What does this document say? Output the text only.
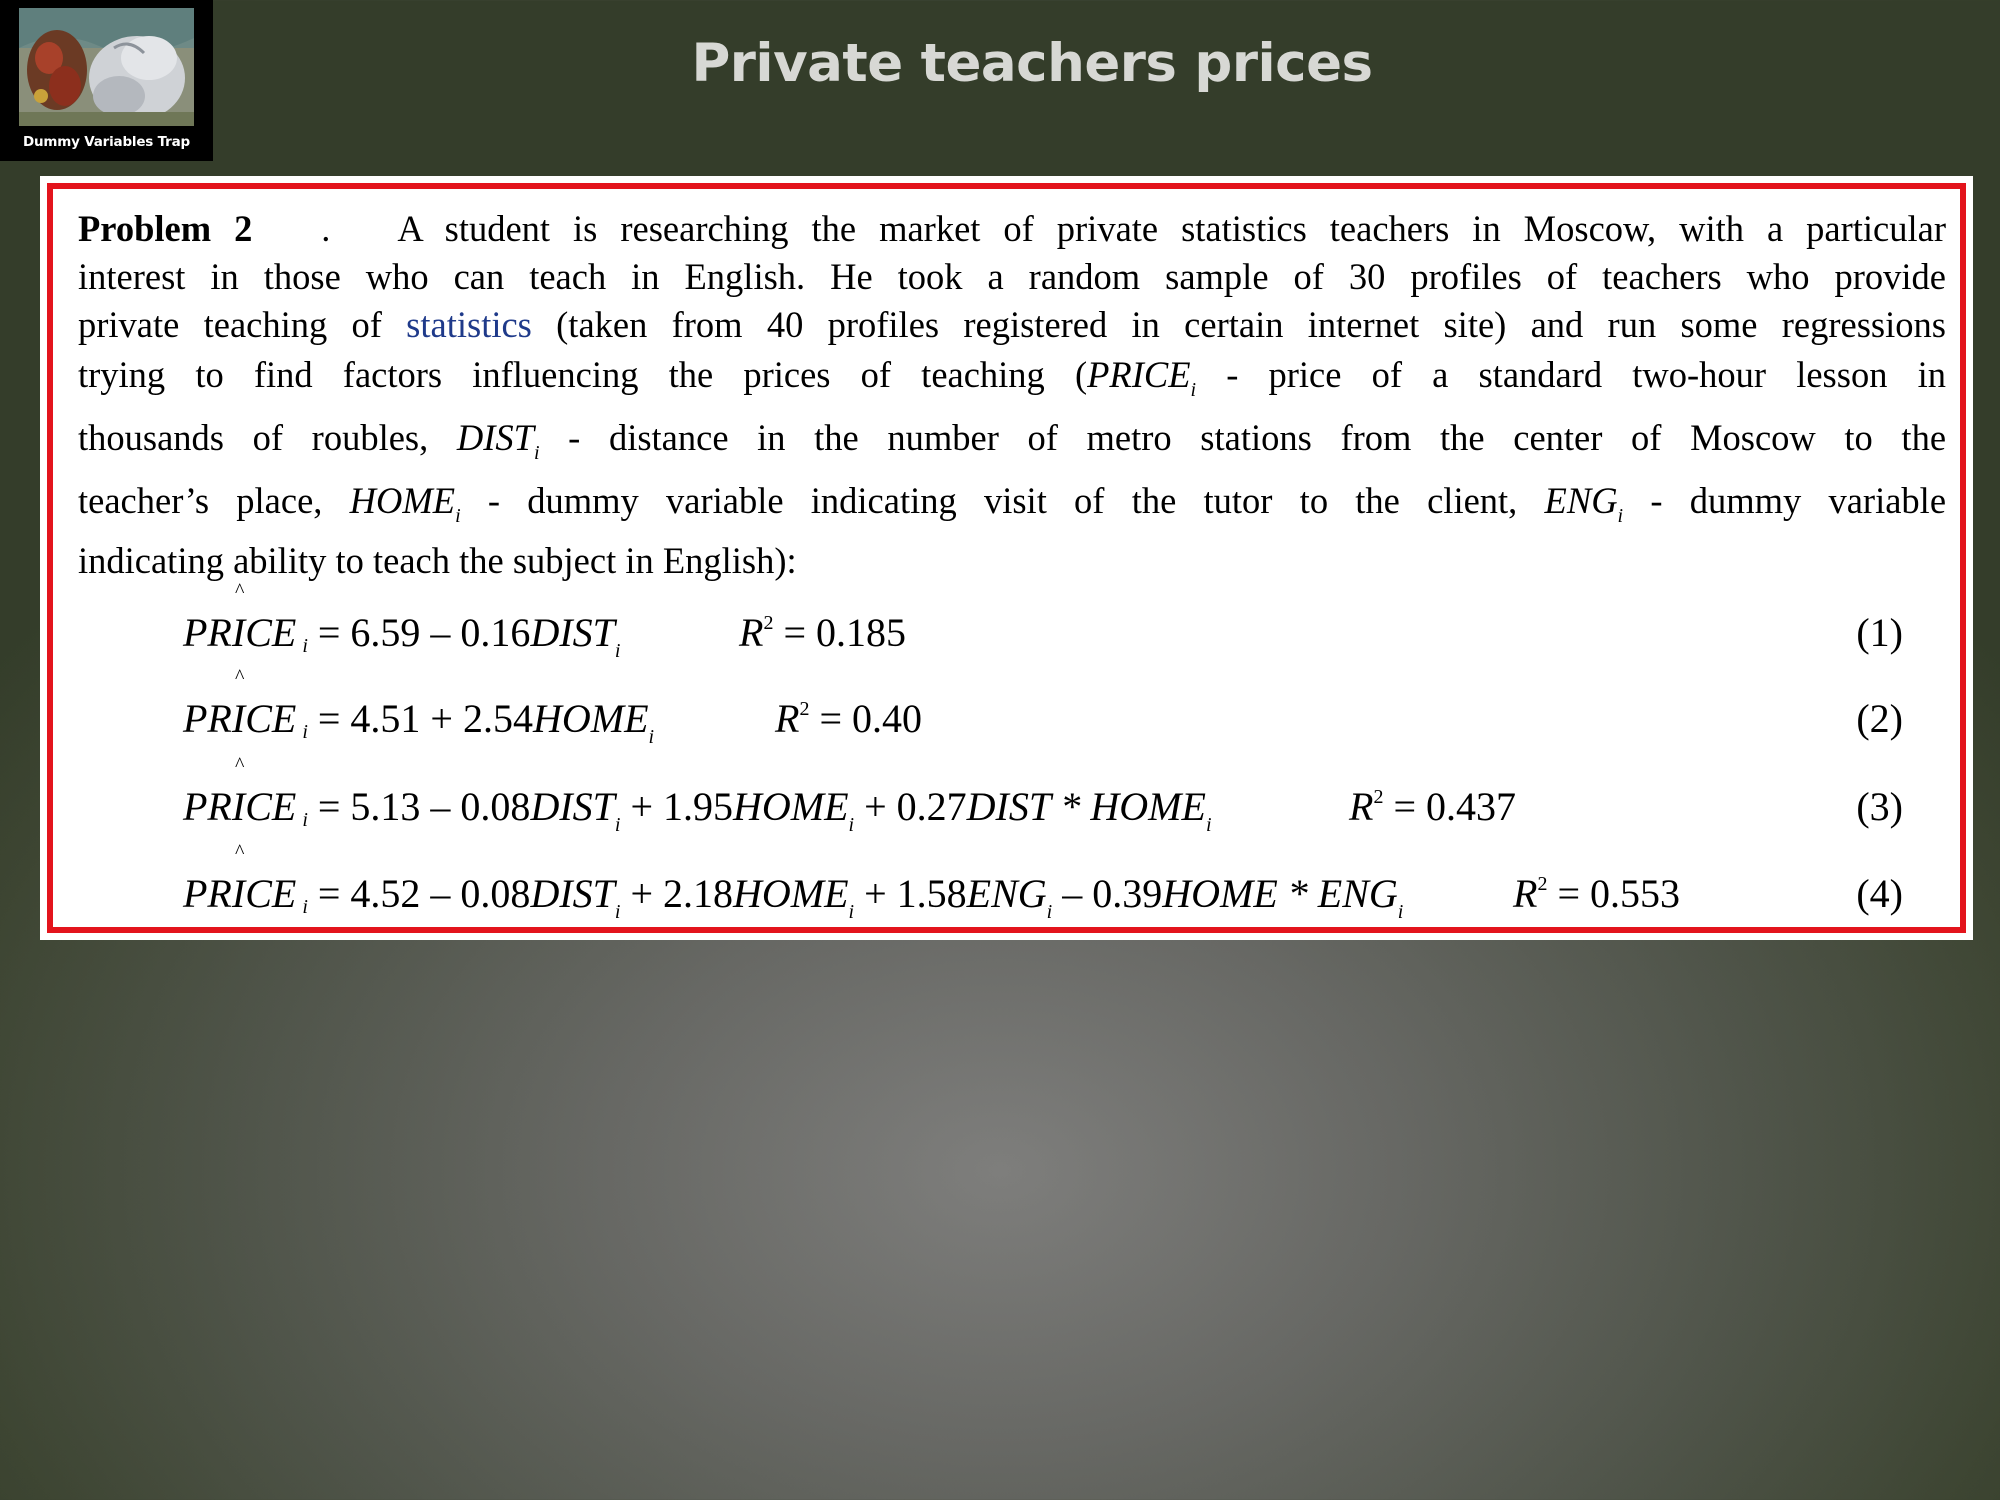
Dummy Variables Trap
Private teachers prices
Problem 2 . A student is researching the market of private statistics teachers in Moscow, with a particular
interest in those who can teach in English. He took a random sample of 30 profiles of teachers who provide
private teaching of statistics (taken from 40 profiles registered in certain internet site) and run some regressions
trying to find factors influencing the prices of teaching ($PRICE_i$ - price of a standard two-hour lesson in
thousands of roubles, $DIST_i$ - distance in the number of metro stations from the center of Moscow to the
teacher’s place, $HOME_i$ - dummy variable indicating visit of the tutor to the client, $ENG_i$ - dummy variable
indicating ability to teach the subject in English):
^
PRICE $i = 6.59 - 0.16DIST_i$	$R^2 = 0.185$	(1)
^
PRICE $i = 4.51 + 2.54HOME_i$	$R^2 = 0.40$	(2)
^
PRICE $i = 5.13 - 0.08DIST_i$ + $1.95HOME_i$ + 0.27DIST * $HOME_i$	$R^2 = 0.437$	(3)
^
PRICE $i = 4.52 - 0.08DIST_i$ + $2.18HOME_i + 1.58ENG_i$ – 0.39HOME * $ENG_i$	$R^2 = 0.553$	(4)
